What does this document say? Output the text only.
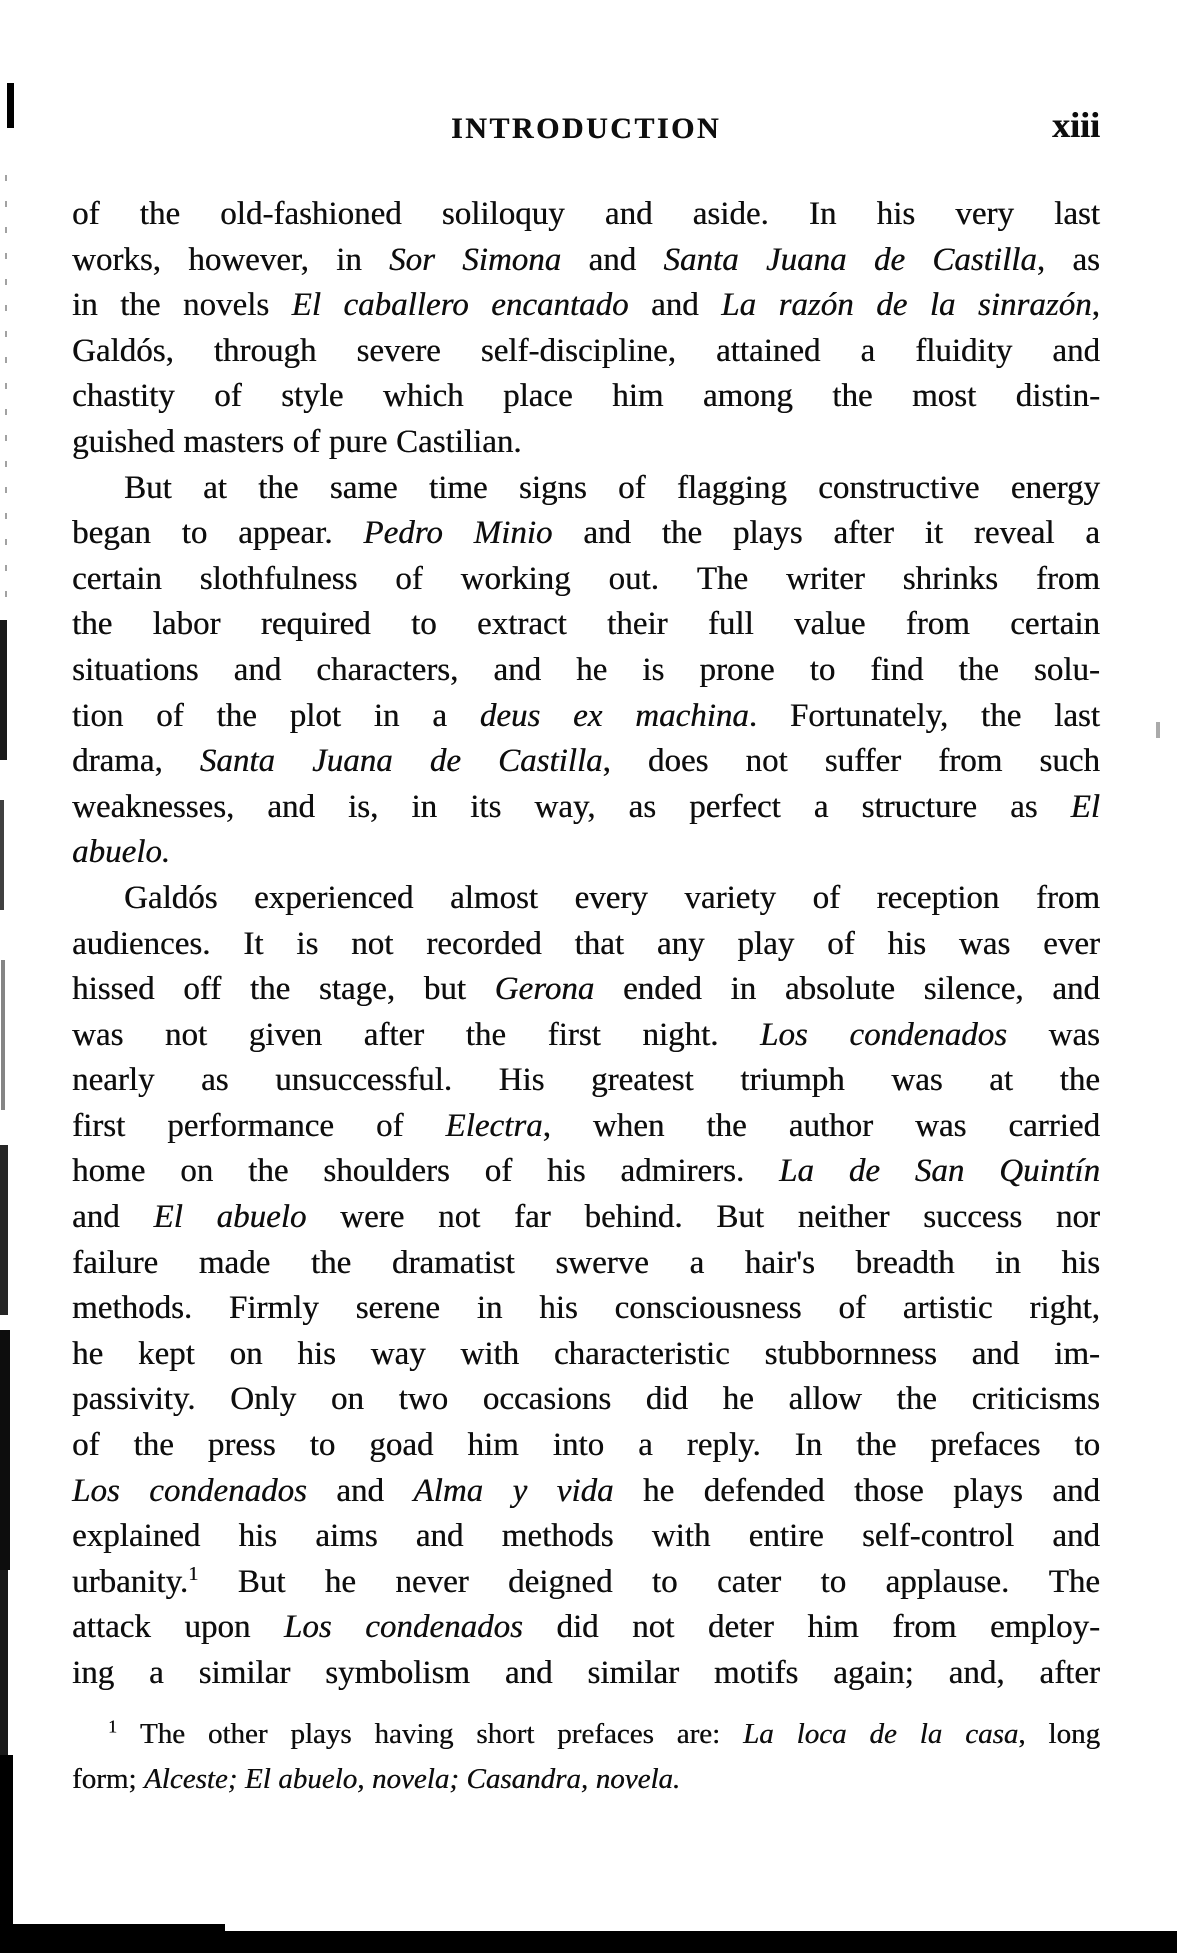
INTRODUCTION	xiii
of the old-fashioned soliloquy and aside. In his very last
works, however, in Sor Simona and Santa Juana de Castilla, as
in the novels El caballero encantado and La razón de la sinrazón,
Galdós, through severe self-discipline, attained a fluidity and
chastity of style which place him among the most distin-
guished masters of pure Castilian.
But at the same time signs of flagging constructive energy
began to appear. Pedro Minio and the plays after it reveal a
certain slothfulness of working out. The writer shrinks from
the labor required to extract their full value from certain
situations and characters, and he is prone to find the solu-
tion of the plot in a deus ex machina. Fortunately, the last
drama, Santa Juana de Castilla, does not suffer from such
weaknesses, and is, in its way, as perfect a structure as El
abuelo.
Galdós experienced almost every variety of reception from
audiences. It is not recorded that any play of his was ever
hissed off the stage, but Gerona ended in absolute silence, and
was not given after the first night. Los condenados was
nearly as unsuccessful. His greatest triumph was at the
first performance of Electra, when the author was carried
home on the shoulders of his admirers. La de San Quintín
and El abuelo were not far behind. But neither success nor
failure made the dramatist swerve a hair's breadth in his
methods. Firmly serene in his consciousness of artistic right,
he kept on his way with characteristic stubbornness and im-
passivity. Only on two occasions did he allow the criticisms
of the press to goad him into a reply. In the prefaces to
Los condenados and Alma y vida he defended those plays and
explained his aims and methods with entire self-control and
urbanity.$^1$ But he never deigned to cater to applause. The
attack upon Los condenados did not deter him from employ-
ing a similar symbolism and similar motifs again; and, after
$^1$ The other plays having short prefaces are: La loca de la casa, long
form; Alceste; El abuelo, novela; Casandra, novela.
